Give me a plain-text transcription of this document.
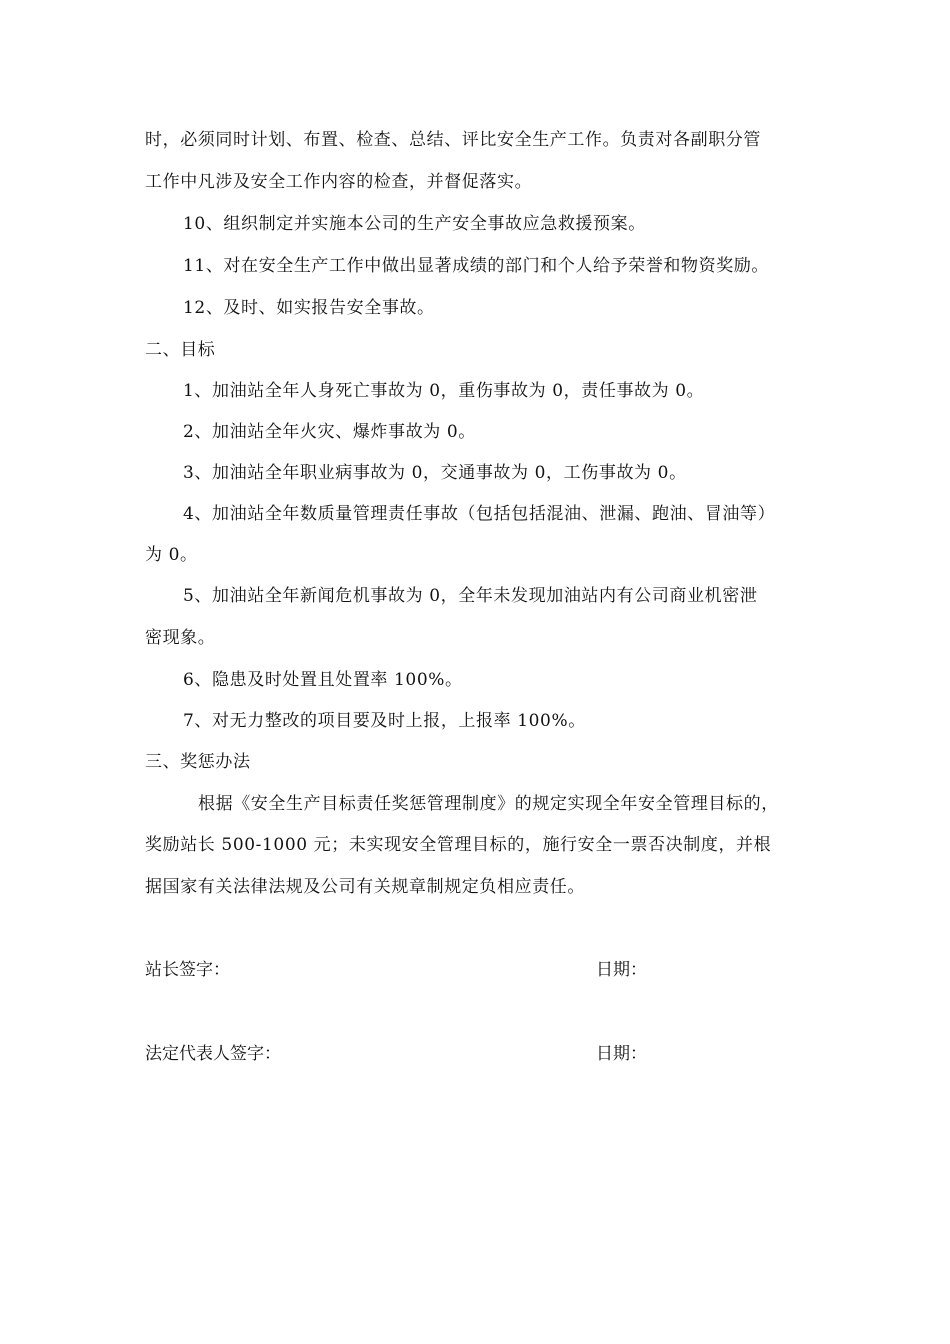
时，必须同时计划、布置、检查、总结、评比安全生产工作。负责对各副职分管
工作中凡涉及安全工作内容的检查，并督促落实。
10、组织制定并实施本公司的生产安全事故应急救援预案。
11、对在安全生产工作中做出显著成绩的部门和个人给予荣誉和物资奖励。
12、及时、如实报告安全事故。
二、目标
1、加油站全年人身死亡事故为 0，重伤事故为 0，责任事故为 0。
2、加油站全年火灾、爆炸事故为 0。
3、加油站全年职业病事故为 0，交通事故为 0，工伤事故为 0。
4、加油站全年数质量管理责任事故（包括包括混油、泄漏、跑油、冒油等）
为 0。
5、加油站全年新闻危机事故为 0，全年未发现加油站内有公司商业机密泄
密现象。
6、隐患及时处置且处置率 100%。
7、对无力整改的项目要及时上报，上报率 100%。
三、奖惩办法
根据《安全生产目标责任奖惩管理制度》的规定实现全年安全管理目标的，
奖励站长 500-1000 元；未实现安全管理目标的，施行安全一票否决制度，并根
据国家有关法律法规及公司有关规章制规定负相应责任。
站长签字：	日期：
法定代表人签字：	日期：
